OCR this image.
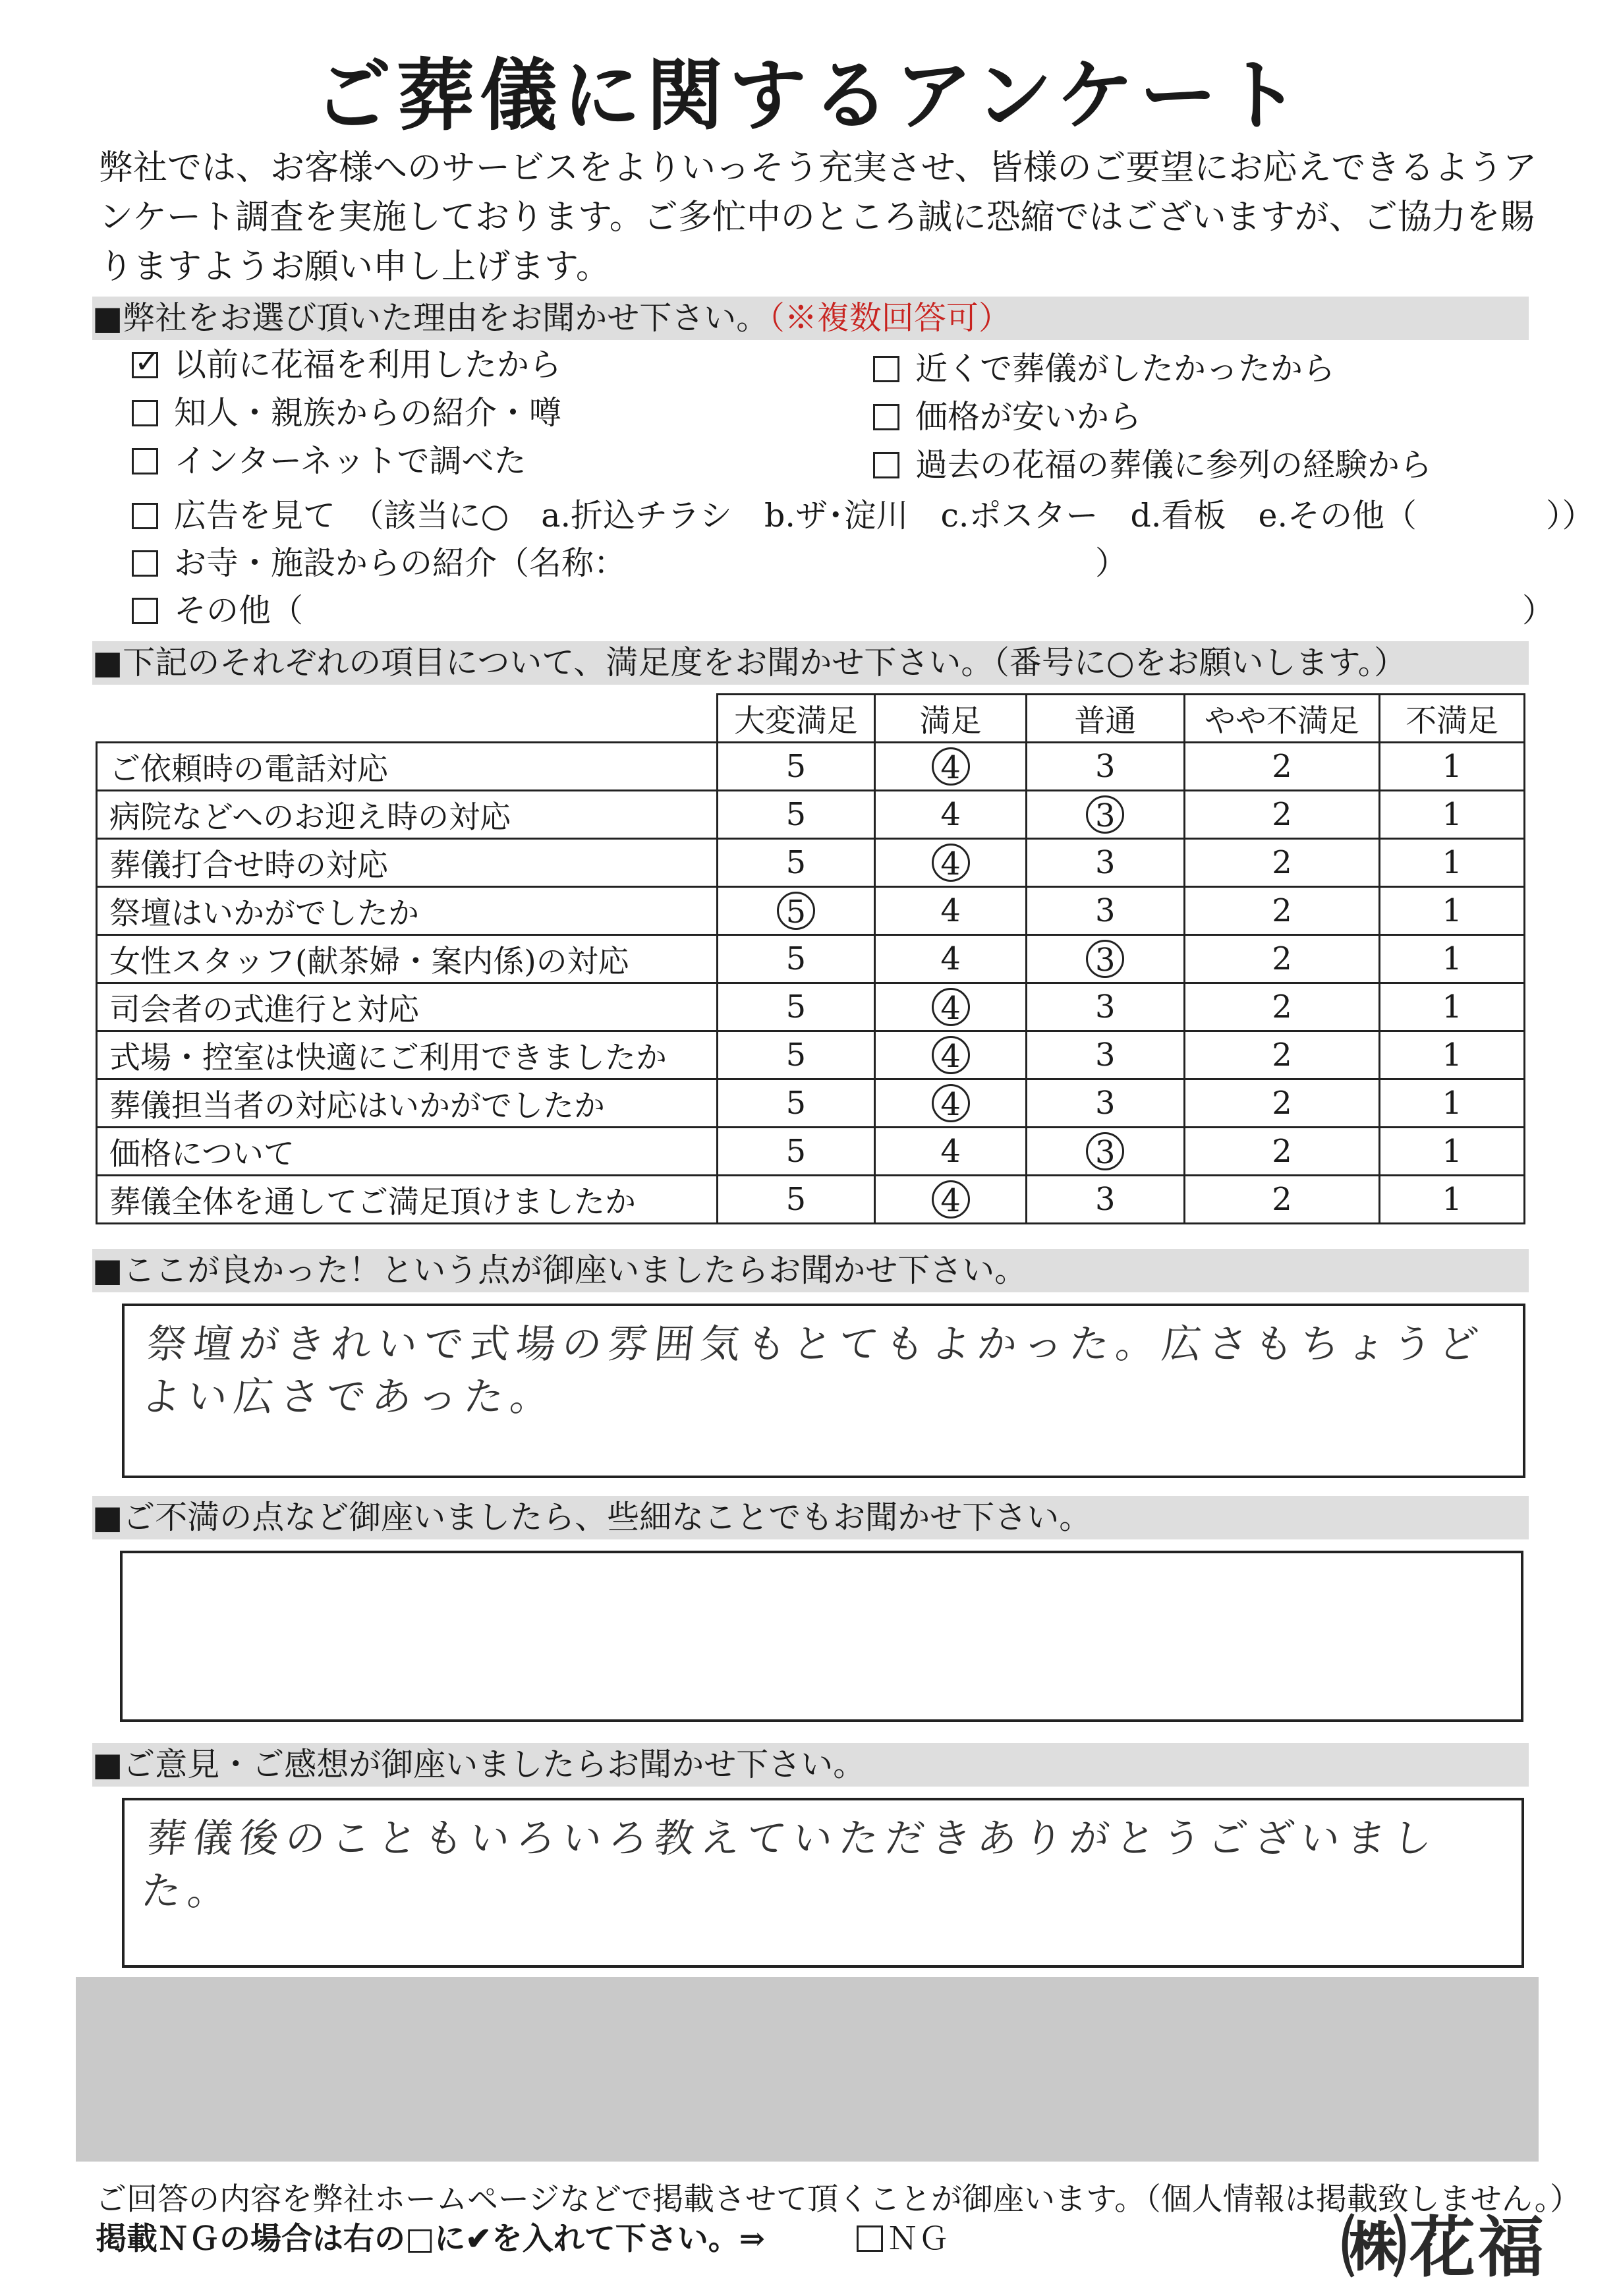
ご葬儀に関するアンケート
弊社では、お客様へのサービスをよりいっそう充実させ、皆様のご要望にお応えできるようアンケート調査を実施しております。ご多忙中のところ誠に恐縮ではございますが、ご協力を賜りますようお願い申し上げます。
■弊社をお選び頂いた理由をお聞かせ下さい。（※複数回答可）
✓以前に花福を利用したから
知人・親族からの紹介・噂
インターネットで調べた
近くで葬儀がしたかったから
価格が安いから
過去の花福の葬儀に参列の経験から
広告を見て　（該当に○　a.折込チラシ　b.ザ･淀川　c.ポスター　d.看板　e.その他（　　　　））
お寺・施設からの紹介（名称：	）
その他（	）
■下記のそれぞれの項目について、満足度をお聞かせ下さい。（番号に○をお願いします。）
	大変満足	満足	普通	やや不満足	不満足
ご依頼時の電話対応	5	4	3	2	1
病院などへのお迎え時の対応	5	4	3	2	1
葬儀打合せ時の対応	5	4	3	2	1
祭壇はいかがでしたか	5	4	3	2	1
女性スタッフ(献茶婦・案内係)の対応	5	4	3	2	1
司会者の式進行と対応	5	4	3	2	1
式場・控室は快適にご利用できましたか	5	4	3	2	1
葬儀担当者の対応はいかがでしたか	5	4	3	2	1
価格について	5	4	3	2	1
葬儀全体を通してご満足頂けましたか	5	4	3	2	1
■ここが良かった！という点が御座いましたらお聞かせ下さい。
祭壇がきれいで式場の雰囲気もとてもよかった。広さもちょうどよい広さであった。
■ご不満の点など御座いましたら、些細なことでもお聞かせ下さい。
■ご意見・ご感想が御座いましたらお聞かせ下さい。
葬儀後のこともいろいろ教えていただきありがとうございました。
ご回答の内容を弊社ホームページなどで掲載させて頂くことが御座います。（個人情報は掲載致しません。）
掲載ＮＧの場合は右の□に✔を入れて下さい。⇒	ＮＧ	㈱花福
